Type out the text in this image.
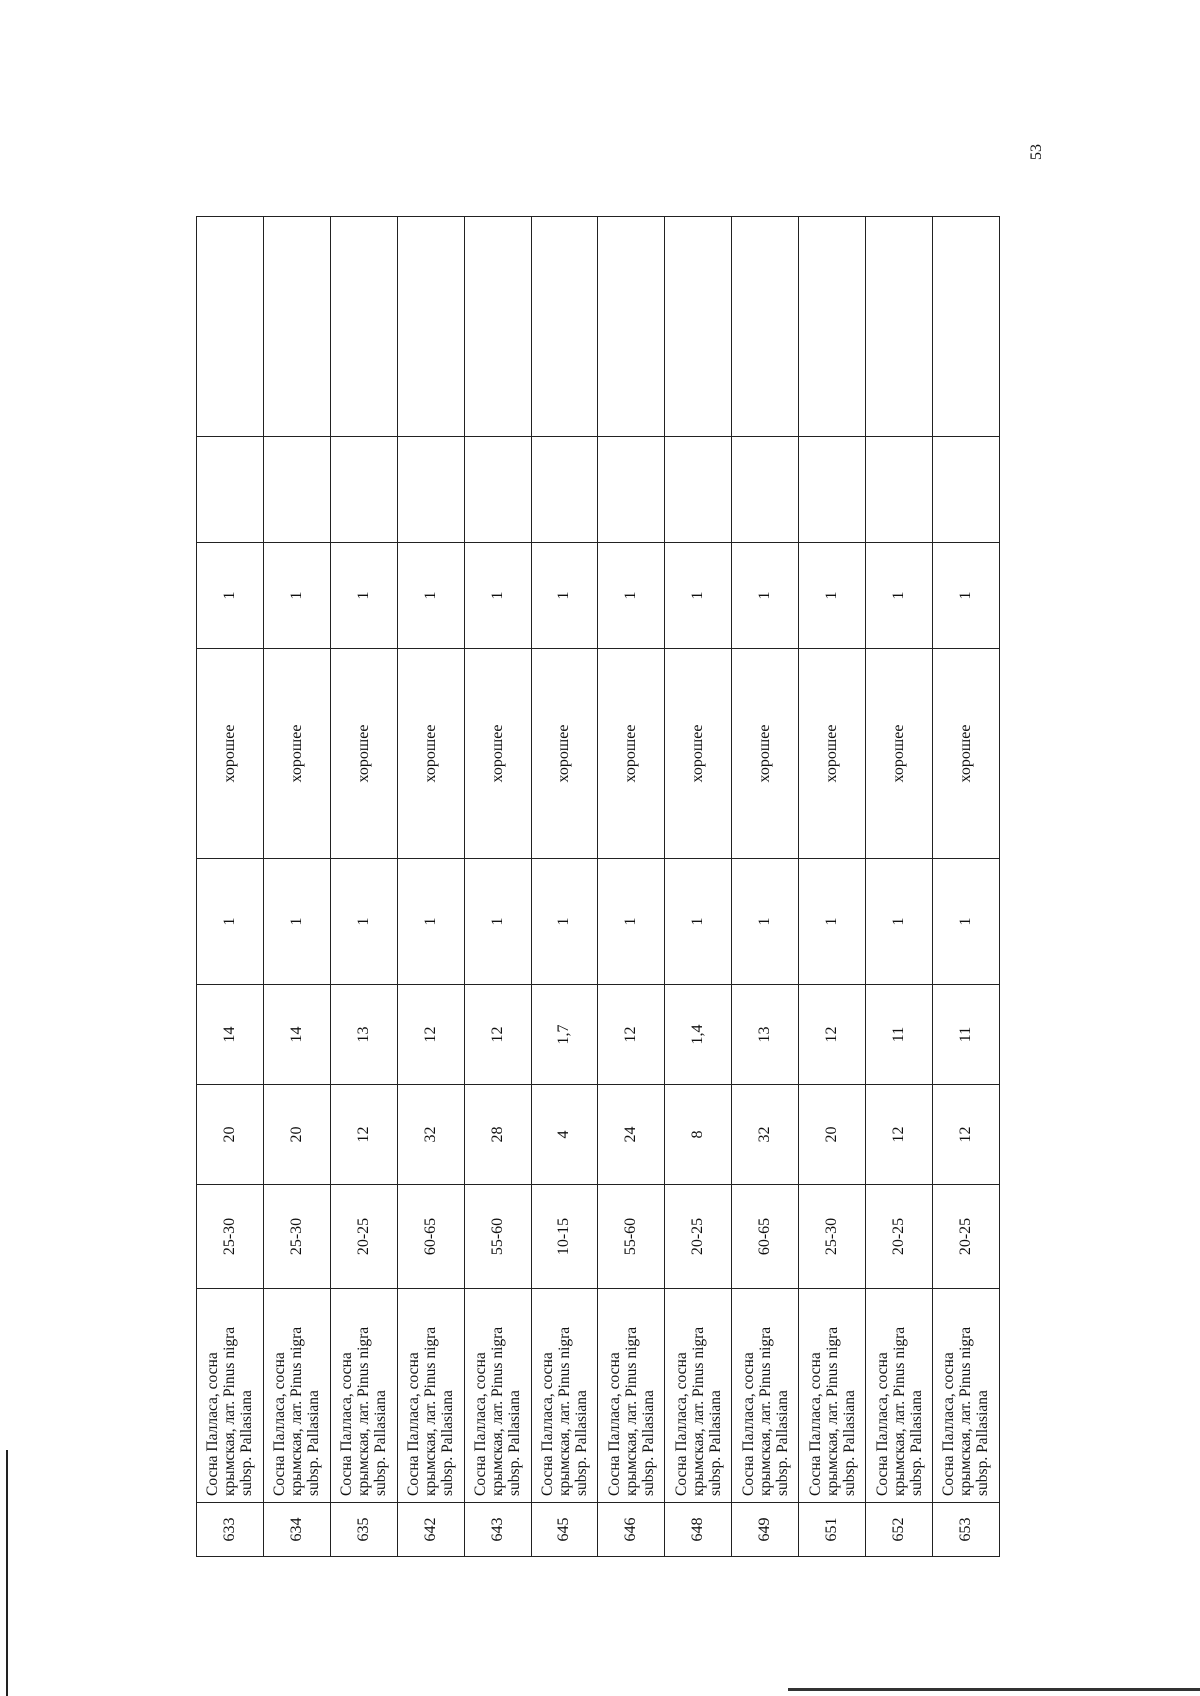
53
633	Сосна Палласа, сосна крымская, лат. Pinus nigra subsp. Pallasiana	25-30	20	14	1	хорошее	1		
634	Сосна Палласа, сосна крымская, лат. Pinus nigra subsp. Pallasiana	25-30	20	14	1	хорошее	1		
635	Сосна Палласа, сосна крымская, лат. Pinus nigra subsp. Pallasiana	20-25	12	13	1	хорошее	1		
642	Сосна Палласа, сосна крымская, лат. Pinus nigra subsp. Pallasiana	60-65	32	12	1	хорошее	1		
643	Сосна Палласа, сосна крымская, лат. Pinus nigra subsp. Pallasiana	55-60	28	12	1	хорошее	1		
645	Сосна Палласа, сосна крымская, лат. Pinus nigra subsp. Pallasiana	10-15	4	1,7	1	хорошее	1		
646	Сосна Палласа, сосна крымская, лат. Pinus nigra subsp. Pallasiana	55-60	24	12	1	хорошее	1		
648	Сосна Палласа, сосна крымская, лат. Pinus nigra subsp. Pallasiana	20-25	8	1,4	1	хорошее	1		
649	Сосна Палласа, сосна крымская, лат. Pinus nigra subsp. Pallasiana	60-65	32	13	1	хорошее	1		
651	Сосна Палласа, сосна крымская, лат. Pinus nigra subsp. Pallasiana	25-30	20	12	1	хорошее	1		
652	Сосна Палласа, сосна крымская, лат. Pinus nigra subsp. Pallasiana	20-25	12	11	1	хорошее	1		
653	Сосна Палласа, сосна крымская, лат. Pinus nigra subsp. Pallasiana	20-25	12	11	1	хорошее	1		
